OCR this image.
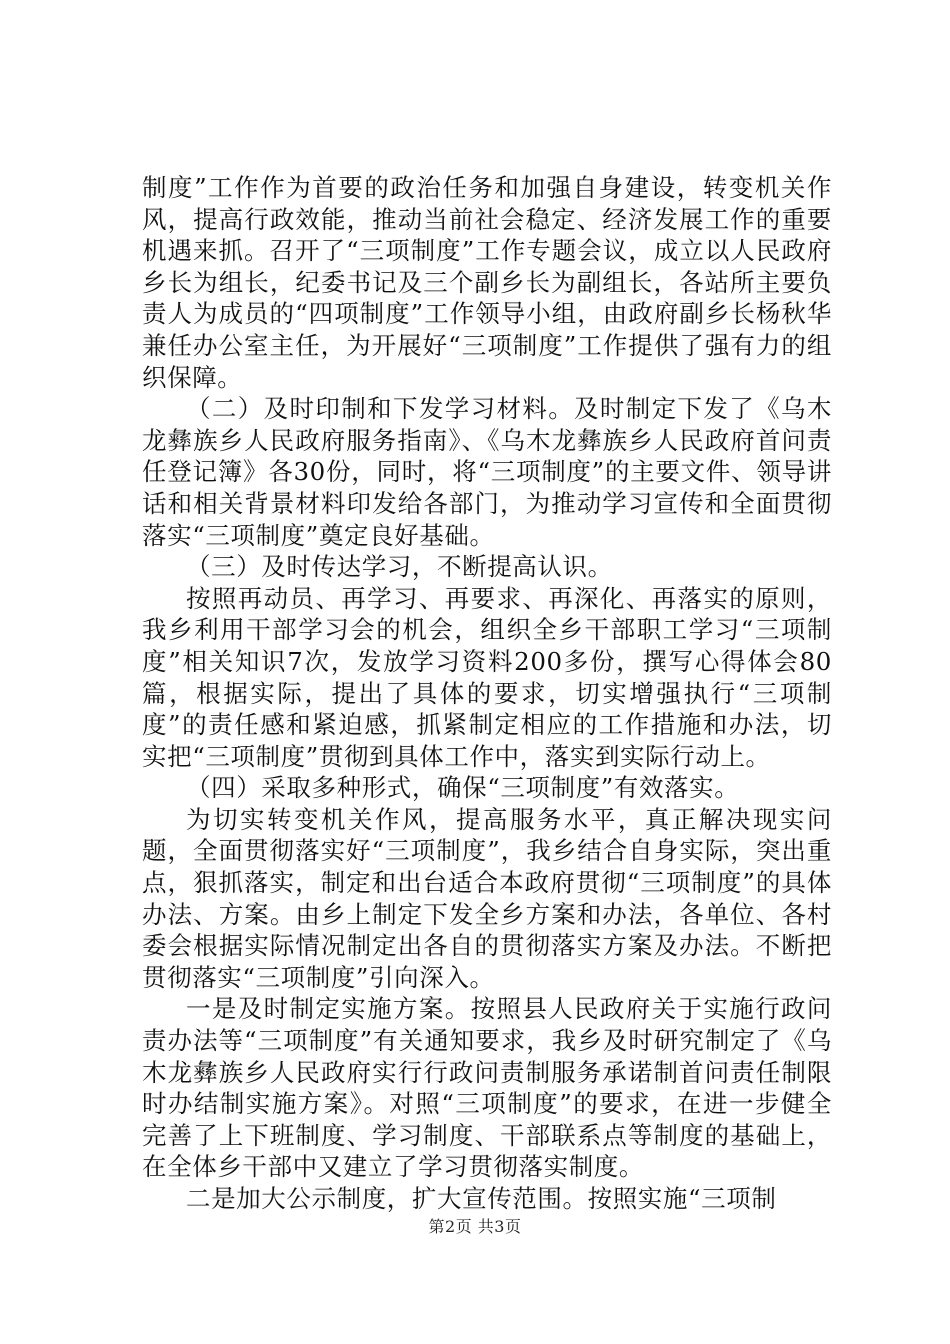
制度”工作作为首要的政治任务和加强自身建设，转变机关作风，提高行政效能，推动当前社会稳定、经济发展工作的重要机遇来抓。召开了“三项制度”工作专题会议，成立以人民政府乡长为组长，纪委书记及三个副乡长为副组长，各站所主要负责人为成员的“四项制度”工作领导小组，由政府副乡长杨秋华兼任办公室主任，为开展好“三项制度”工作提供了强有力的组织保障。

（二）及时印制和下发学习材料。及时制定下发了《乌木龙彝族乡人民政府服务指南》、《乌木龙彝族乡人民政府首问责任登记簿》各30份，同时，将“三项制度”的主要文件、领导讲话和相关背景材料印发给各部门，为推动学习宣传和全面贯彻落实“三项制度”奠定良好基础。

（三）及时传达学习，不断提高认识。

按照再动员、再学习、再要求、再深化、再落实的原则，我乡利用干部学习会的机会，组织全乡干部职工学习“三项制度”相关知识7次，发放学习资料200多份，撰写心得体会80篇，根据实际，提出了具体的要求，切实增强执行“三项制度”的责任感和紧迫感，抓紧制定相应的工作措施和办法，切实把“三项制度”贯彻到具体工作中，落实到实际行动上。

（四）采取多种形式，确保“三项制度”有效落实。

为切实转变机关作风，提高服务水平，真正解决现实问题，全面贯彻落实好“三项制度”，我乡结合自身实际，突出重点，狠抓落实，制定和出台适合本政府贯彻“三项制度”的具体办法、方案。由乡上制定下发全乡方案和办法，各单位、各村委会根据实际情况制定出各自的贯彻落实方案及办法。不断把贯彻落实“三项制度”引向深入。

一是及时制定实施方案。按照县人民政府关于实施行政问责办法等“三项制度”有关通知要求，我乡及时研究制定了《乌木龙彝族乡人民政府实行行政问责制服务承诺制首问责任制限时办结制实施方案》。对照“三项制度”的要求，在进一步健全完善了上下班制度、学习制度、干部联系点等制度的基础上，在全体乡干部中又建立了学习贯彻落实制度。

二是加大公示制度，扩大宣传范围。按照实施“三项制

第2页 共3页
